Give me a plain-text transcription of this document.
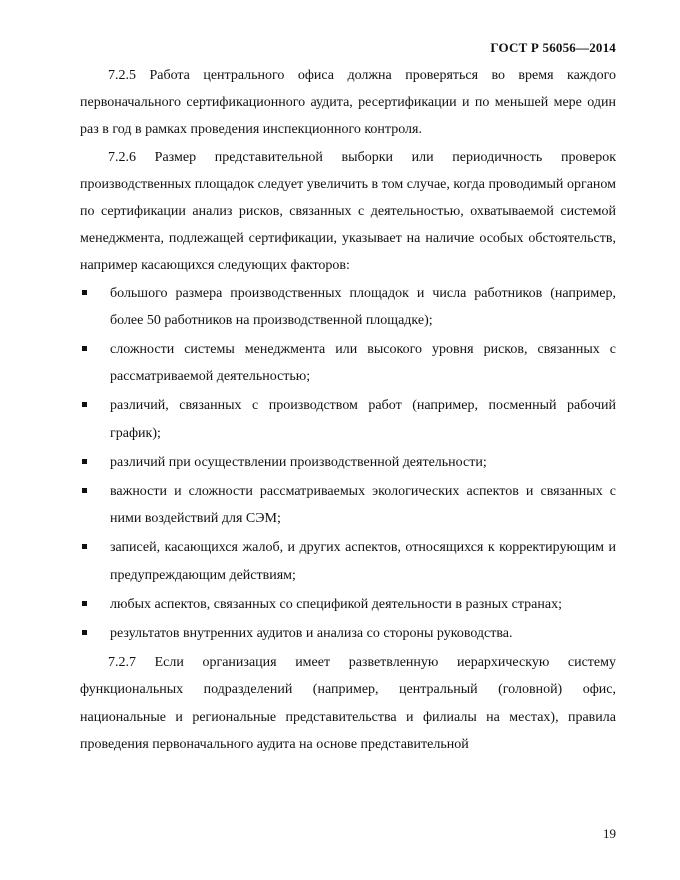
ГОСТ Р 56056—2014

7.2.5 Работа центрального офиса должна проверяться во время каждого первоначального сертификационного аудита, ресертификации и по меньшей мере один раз в год в рамках проведения инспекционного контроля.

7.2.6 Размер представительной выборки или периодичность проверок производственных площадок следует увеличить в том случае, когда проводимый органом по сертификации анализ рисков, связанных с деятельностью, охватываемой системой менеджмента, подлежащей сертификации, указывает на наличие особых обстоятельств, например касающихся следующих факторов:

большого размера производственных площадок и числа работников (например, более 50 работников на производственной площадке);
сложности системы менеджмента или высокого уровня рисков, связанных с рассматриваемой деятельностью;
различий, связанных с производством работ (например, посменный рабочий график);
различий при осуществлении производственной деятельности;
важности и сложности рассматриваемых экологических аспектов и связанных с ними воздействий для СЭМ;
записей, касающихся жалоб, и других аспектов, относящихся к корректирующим и предупреждающим действиям;
любых аспектов, связанных со спецификой деятельности в разных странах;
результатов внутренних аудитов и анализа со стороны руководства.

7.2.7 Если организация имеет разветвленную иерархическую систему функциональных подразделений (например, центральный (головной) офис, национальные и региональные представительства и филиалы на местах), правила проведения первоначального аудита на основе представительной

19
